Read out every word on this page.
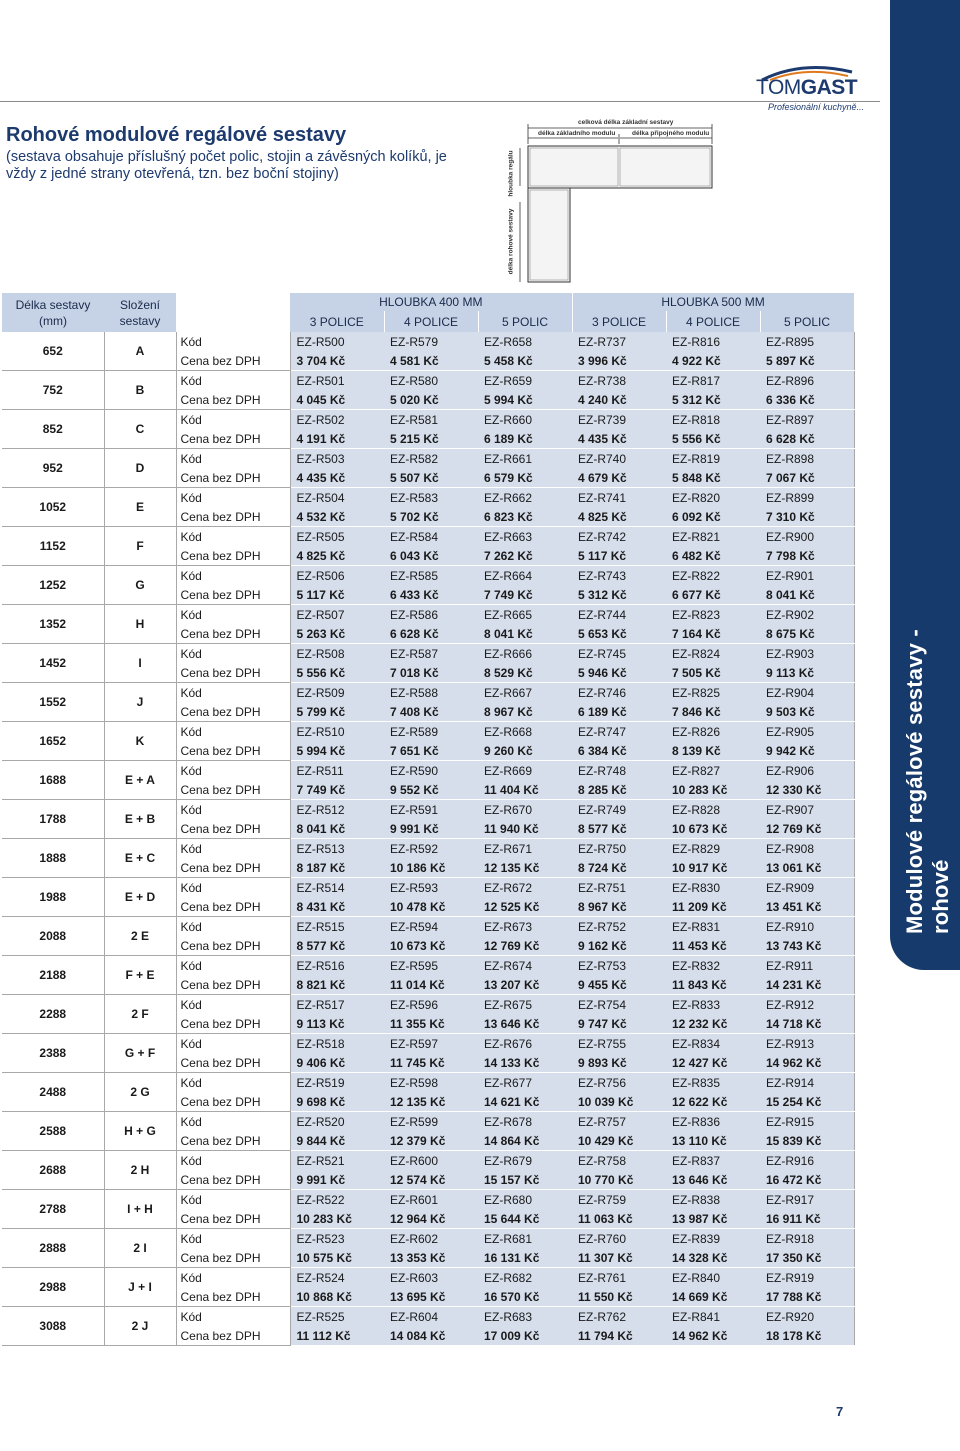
Rohové modulové regálové sestavy
(sestava obsahuje příslušný počet polic, stojin a závěsných kolíků, je vždy z jedné strany otevřená, tzn. bez boční stojiny)
TOMGAST
Profesionální kuchyně...
celková délka základní sestavy
délka základního modulu	délka připojného modulu
hloubka regálu
délka rohové sestavy
Modulové regálové sestavy - rohové
Délka sestavy (mm)	Složení sestavy		HLOUBKA 400 MM			HLOUBKA 500 MM		
			3 POLICE	4 POLICE	5 POLIC	3 POLICE	4 POLICE	5 POLIC
652	A	Kód	EZ-R500	EZ-R579	EZ-R658	EZ-R737	EZ-R816	EZ-R895
		Cena bez DPH	3 704 Kč	4 581 Kč	5 458 Kč	3 996 Kč	4 922 Kč	5 897 Kč
752	B	Kód	EZ-R501	EZ-R580	EZ-R659	EZ-R738	EZ-R817	EZ-R896
		Cena bez DPH	4 045 Kč	5 020 Kč	5 994 Kč	4 240 Kč	5 312 Kč	6 336 Kč
852	C	Kód	EZ-R502	EZ-R581	EZ-R660	EZ-R739	EZ-R818	EZ-R897
		Cena bez DPH	4 191 Kč	5 215 Kč	6 189 Kč	4 435 Kč	5 556 Kč	6 628 Kč
952	D	Kód	EZ-R503	EZ-R582	EZ-R661	EZ-R740	EZ-R819	EZ-R898
		Cena bez DPH	4 435 Kč	5 507 Kč	6 579 Kč	4 679 Kč	5 848 Kč	7 067 Kč
1052	E	Kód	EZ-R504	EZ-R583	EZ-R662	EZ-R741	EZ-R820	EZ-R899
		Cena bez DPH	4 532 Kč	5 702 Kč	6 823 Kč	4 825 Kč	6 092 Kč	7 310 Kč
1152	F	Kód	EZ-R505	EZ-R584	EZ-R663	EZ-R742	EZ-R821	EZ-R900
		Cena bez DPH	4 825 Kč	6 043 Kč	7 262 Kč	5 117 Kč	6 482 Kč	7 798 Kč
1252	G	Kód	EZ-R506	EZ-R585	EZ-R664	EZ-R743	EZ-R822	EZ-R901
		Cena bez DPH	5 117 Kč	6 433 Kč	7 749 Kč	5 312 Kč	6 677 Kč	8 041 Kč
1352	H	Kód	EZ-R507	EZ-R586	EZ-R665	EZ-R744	EZ-R823	EZ-R902
		Cena bez DPH	5 263 Kč	6 628 Kč	8 041 Kč	5 653 Kč	7 164 Kč	8 675 Kč
1452	I	Kód	EZ-R508	EZ-R587	EZ-R666	EZ-R745	EZ-R824	EZ-R903
		Cena bez DPH	5 556 Kč	7 018 Kč	8 529 Kč	5 946 Kč	7 505 Kč	9 113 Kč
1552	J	Kód	EZ-R509	EZ-R588	EZ-R667	EZ-R746	EZ-R825	EZ-R904
		Cena bez DPH	5 799 Kč	7 408 Kč	8 967 Kč	6 189 Kč	7 846 Kč	9 503 Kč
1652	K	Kód	EZ-R510	EZ-R589	EZ-R668	EZ-R747	EZ-R826	EZ-R905
		Cena bez DPH	5 994 Kč	7 651 Kč	9 260 Kč	6 384 Kč	8 139 Kč	9 942 Kč
1688	E + A	Kód	EZ-R511	EZ-R590	EZ-R669	EZ-R748	EZ-R827	EZ-R906
		Cena bez DPH	7 749 Kč	9 552 Kč	11 404 Kč	8 285 Kč	10 283 Kč	12 330 Kč
1788	E + B	Kód	EZ-R512	EZ-R591	EZ-R670	EZ-R749	EZ-R828	EZ-R907
		Cena bez DPH	8 041 Kč	9 991 Kč	11 940 Kč	8 577 Kč	10 673 Kč	12 769 Kč
1888	E + C	Kód	EZ-R513	EZ-R592	EZ-R671	EZ-R750	EZ-R829	EZ-R908
		Cena bez DPH	8 187 Kč	10 186 Kč	12 135 Kč	8 724 Kč	10 917 Kč	13 061 Kč
1988	E + D	Kód	EZ-R514	EZ-R593	EZ-R672	EZ-R751	EZ-R830	EZ-R909
		Cena bez DPH	8 431 Kč	10 478 Kč	12 525 Kč	8 967 Kč	11 209 Kč	13 451 Kč
2088	2 E	Kód	EZ-R515	EZ-R594	EZ-R673	EZ-R752	EZ-R831	EZ-R910
		Cena bez DPH	8 577 Kč	10 673 Kč	12 769 Kč	9 162 Kč	11 453 Kč	13 743 Kč
2188	F + E	Kód	EZ-R516	EZ-R595	EZ-R674	EZ-R753	EZ-R832	EZ-R911
		Cena bez DPH	8 821 Kč	11 014 Kč	13 207 Kč	9 455 Kč	11 843 Kč	14 231 Kč
2288	2 F	Kód	EZ-R517	EZ-R596	EZ-R675	EZ-R754	EZ-R833	EZ-R912
		Cena bez DPH	9 113 Kč	11 355 Kč	13 646 Kč	9 747 Kč	12 232 Kč	14 718 Kč
2388	G + F	Kód	EZ-R518	EZ-R597	EZ-R676	EZ-R755	EZ-R834	EZ-R913
		Cena bez DPH	9 406 Kč	11 745 Kč	14 133 Kč	9 893 Kč	12 427 Kč	14 962 Kč
2488	2 G	Kód	EZ-R519	EZ-R598	EZ-R677	EZ-R756	EZ-R835	EZ-R914
		Cena bez DPH	9 698 Kč	12 135 Kč	14 621 Kč	10 039 Kč	12 622 Kč	15 254 Kč
2588	H + G	Kód	EZ-R520	EZ-R599	EZ-R678	EZ-R757	EZ-R836	EZ-R915
		Cena bez DPH	9 844 Kč	12 379 Kč	14 864 Kč	10 429 Kč	13 110 Kč	15 839 Kč
2688	2 H	Kód	EZ-R521	EZ-R600	EZ-R679	EZ-R758	EZ-R837	EZ-R916
		Cena bez DPH	9 991 Kč	12 574 Kč	15 157 Kč	10 770 Kč	13 646 Kč	16 472 Kč
2788	I + H	Kód	EZ-R522	EZ-R601	EZ-R680	EZ-R759	EZ-R838	EZ-R917
		Cena bez DPH	10 283 Kč	12 964 Kč	15 644 Kč	11 063 Kč	13 987 Kč	16 911 Kč
2888	2 I	Kód	EZ-R523	EZ-R602	EZ-R681	EZ-R760	EZ-R839	EZ-R918
		Cena bez DPH	10 575 Kč	13 353 Kč	16 131 Kč	11 307 Kč	14 328 Kč	17 350 Kč
2988	J + I	Kód	EZ-R524	EZ-R603	EZ-R682	EZ-R761	EZ-R840	EZ-R919
		Cena bez DPH	10 868 Kč	13 695 Kč	16 570 Kč	11 550 Kč	14 669 Kč	17 788 Kč
3088	2 J	Kód	EZ-R525	EZ-R604	EZ-R683	EZ-R762	EZ-R841	EZ-R920
		Cena bez DPH	11 112 Kč	14 084 Kč	17 009 Kč	11 794 Kč	14 962 Kč	18 178 Kč
7
